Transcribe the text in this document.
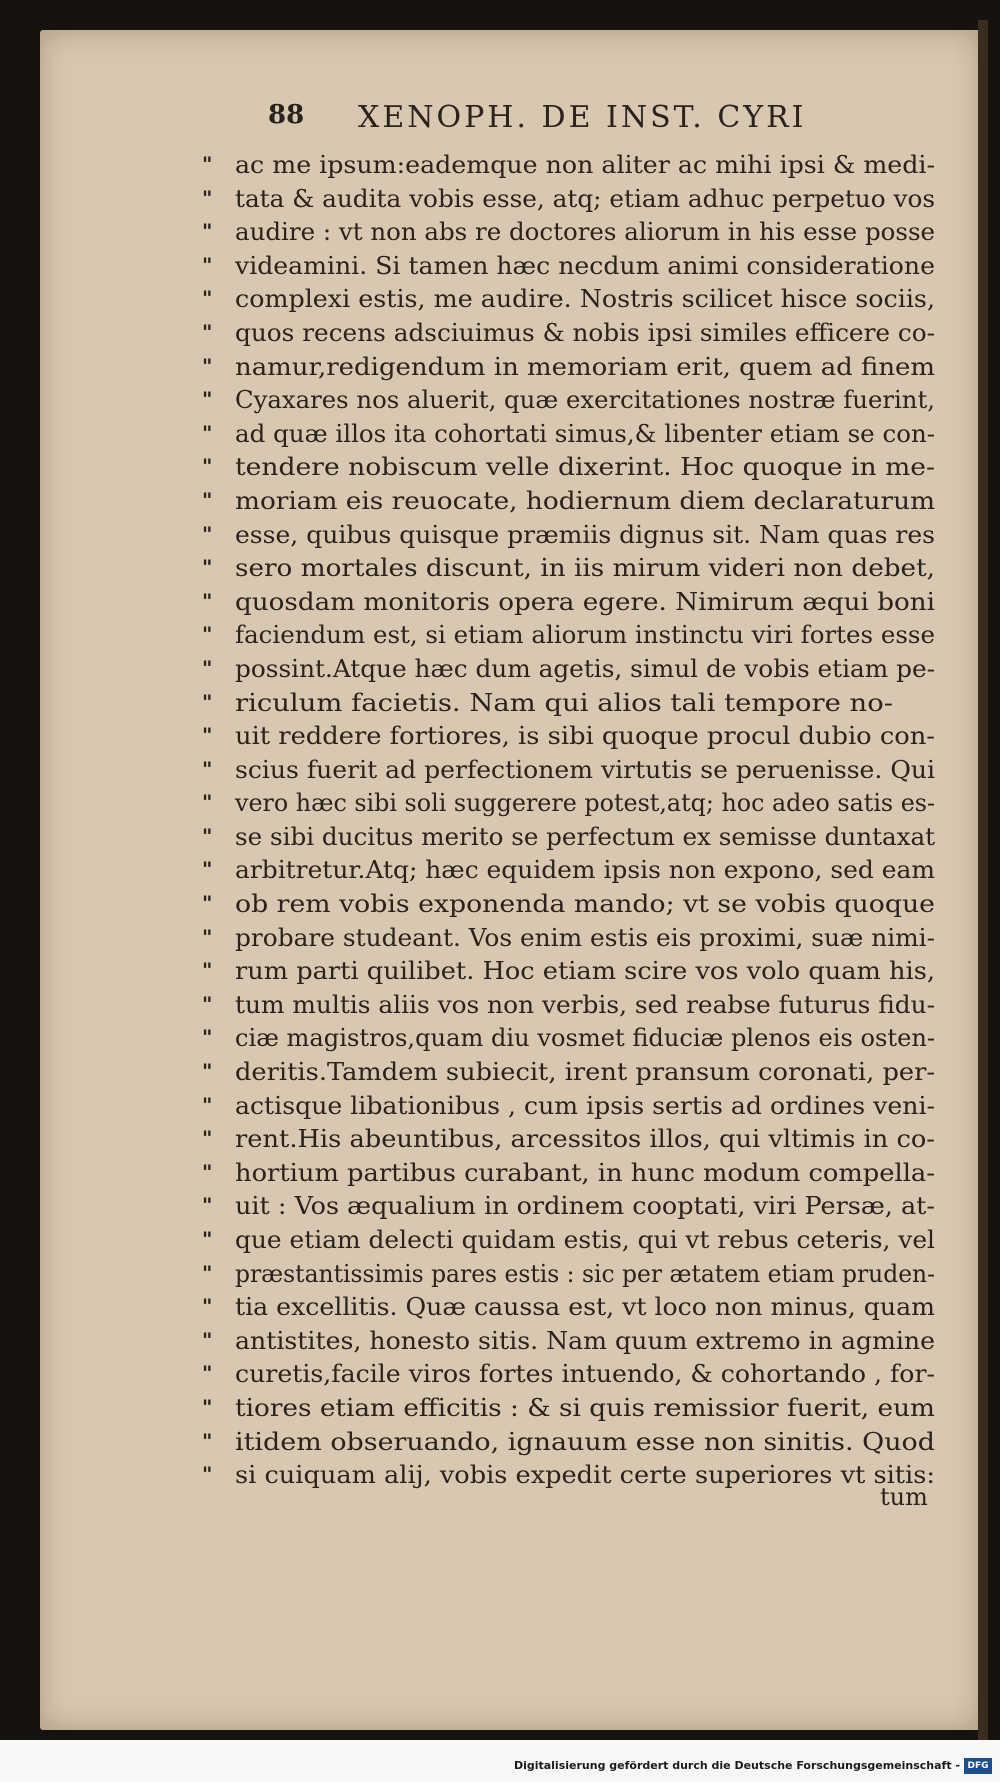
88 XENOPH. DE INST. CYRI
" ac me ipsum:eademque non aliter ac mihi ipsi & medi-
" tata & audita vobis esse, atq; etiam adhuc perpetuo vos
" audire : vt non abs re doctores aliorum in his esse posse
" videamini. Si tamen hæc necdum animi consideratione
" complexi estis, me audire. Nostris scilicet hisce sociis,
" quos recens adsciuimus & nobis ipsi similes efficere co-
" namur,redigendum in memoriam erit, quem ad finem
" Cyaxares nos aluerit, quæ exercitationes nostræ fuerint,
" ad quæ illos ita cohortati simus,& libenter etiam se con-
" tendere nobiscum velle dixerint. Hoc quoque in me-
" moriam eis reuocate, hodiernum diem declaraturum
" esse, quibus quisque præmiis dignus sit. Nam quas res
" sero mortales discunt, in iis mirum videri non debet,
" quosdam monitoris opera egere. Nimirum æqui boni
" faciendum est, si etiam aliorum instinctu viri fortes esse
" possint.Atque hæc dum agetis, simul de vobis etiam pe-
" riculum facietis. Nam qui alios tali tempore no-
" uit reddere fortiores, is sibi quoque procul dubio con-
" scius fuerit ad perfectionem virtutis se peruenisse. Qui
" vero hæc sibi soli suggerere potest,atq; hoc adeo satis es-
" se sibi ducitus merito se perfectum ex semisse duntaxat
" arbitretur.Atq; hæc equidem ipsis non expono, sed eam
" ob rem vobis exponenda mando; vt se vobis quoque
" probare studeant. Vos enim estis eis proximi, suæ nimi-
" rum parti quilibet. Hoc etiam scire vos volo quam his,
" tum multis aliis vos non verbis, sed reabse futurus fidu-
" ciæ magistros,quam diu vosmet fiduciæ plenos eis osten-
" deritis.Tamdem subiecit, irent pransum coronati, per-
" actisque libationibus , cum ipsis sertis ad ordines veni-
" rent.His abeuntibus, arcessitos illos, qui vltimis in co-
" hortium partibus curabant, in hunc modum compella-
" uit : Vos æqualium in ordinem cooptati, viri Persæ, at-
" que etiam delecti quidam estis, qui vt rebus ceteris, vel
" præstantissimis pares estis : sic per ætatem etiam pruden-
" tia excellitis. Quæ caussa est, vt loco non minus, quam
" antistites, honesto sitis. Nam quum extremo in agmine
" curetis,facile viros fortes intuendo, & cohortando , for-
" tiores etiam efficitis : & si quis remissior fuerit, eum
" itidem obseruando, ignauum esse non sinitis. Quod
" si cuiquam alij, vobis expedit certe superiores vt sitis:
tum
Digitalisierung gefördert durch die Deutsche Forschungsgemeinschaft - DFG
